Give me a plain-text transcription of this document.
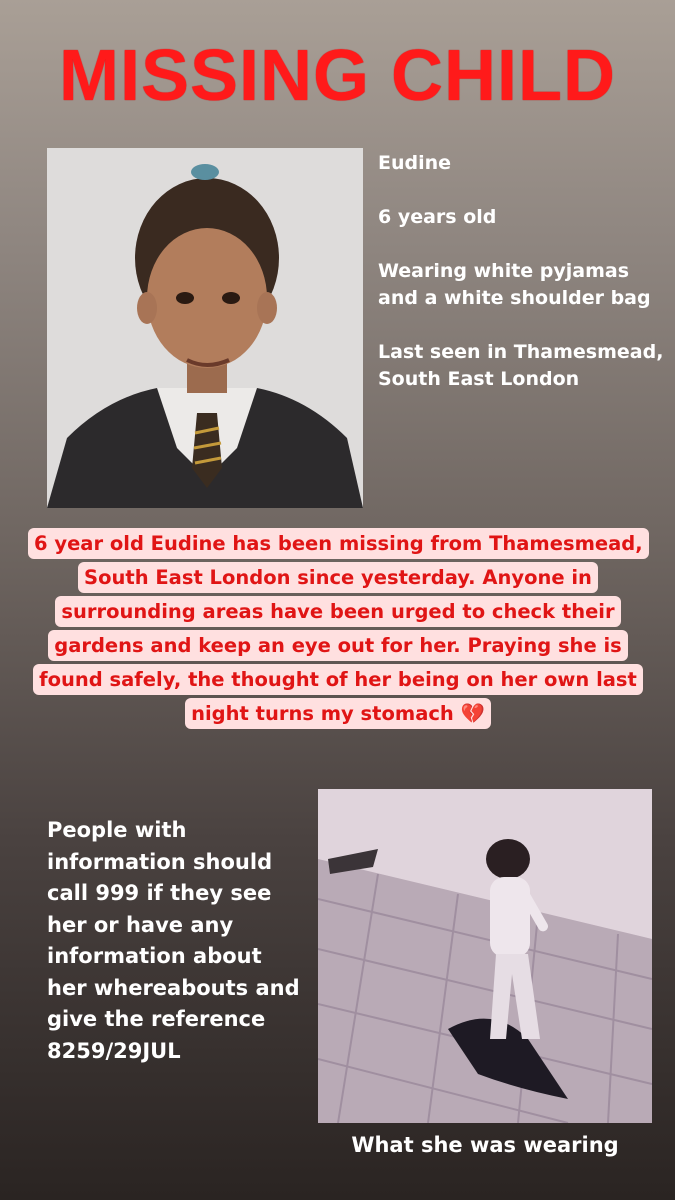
MISSING CHILD

Eudine

6 years old

Wearing white pyjamas and a white shoulder bag

Last seen in Thamesmead, South East London

6 year old Eudine has been missing from Thamesmead, South East London since yesterday. Anyone in surrounding areas have been urged to check their gardens and keep an eye out for her. Praying she is found safely, the thought of her being on her own last night turns my stomach 💔
People with information should call 999 if they see her or have any information about her whereabouts and give the reference 8259/29JUL
What she was wearing
